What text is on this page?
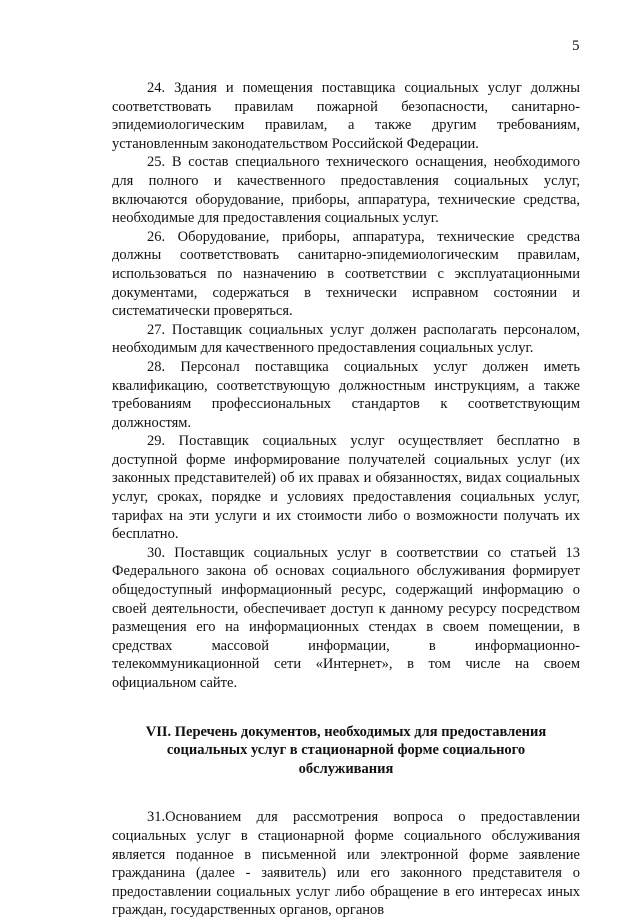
5

24. Здания и помещения поставщика социальных услуг должны соответствовать правилам пожарной безопасности, санитарно-эпидемиологическим правилам, а также другим требованиям, установленным законодательством Российской Федерации.

25. В состав специального технического оснащения, необходимого для полного и качественного предоставления социальных услуг, включаются оборудование, приборы, аппаратура, технические средства, необходимые для предоставления социальных услуг.

26. Оборудование, приборы, аппаратура, технические средства должны соответствовать санитарно-эпидемиологическим правилам, использоваться по назначению в соответствии с эксплуатационными документами, содержаться в технически исправном состоянии и систематически проверяться.

27. Поставщик социальных услуг должен располагать персоналом, необходимым для качественного предоставления социальных услуг.

28. Персонал поставщика социальных услуг должен иметь квалификацию, соответствующую должностным инструкциям, а также требованиям профессиональных стандартов к соответствующим должностям.

29. Поставщик социальных услуг осуществляет бесплатно в доступной форме информирование получателей социальных услуг (их законных представителей) об их правах и обязанностях, видах социальных услуг, сроках, порядке и условиях предоставления социальных услуг, тарифах на эти услуги и их стоимости либо о возможности получать их бесплатно.

30. Поставщик социальных услуг в соответствии со статьей 13 Федерального закона об основах социального обслуживания формирует общедоступный информационный ресурс, содержащий информацию о своей деятельности, обеспечивает доступ к данному ресурсу посредством размещения его на информационных стендах в своем помещении, в средствах массовой информации, в информационно-телекоммуникационной сети «Интернет», в том числе на своем официальном сайте.

VII. Перечень документов, необходимых для предоставления социальных услуг в стационарной форме социального обслуживания

31.Основанием для рассмотрения вопроса о предоставлении социальных услуг в стационарной форме социального обслуживания является поданное в письменной или электронной форме заявление гражданина (далее - заявитель) или его законного представителя о предоставлении социальных услуг либо обращение в его интересах иных граждан, государственных органов, органов
